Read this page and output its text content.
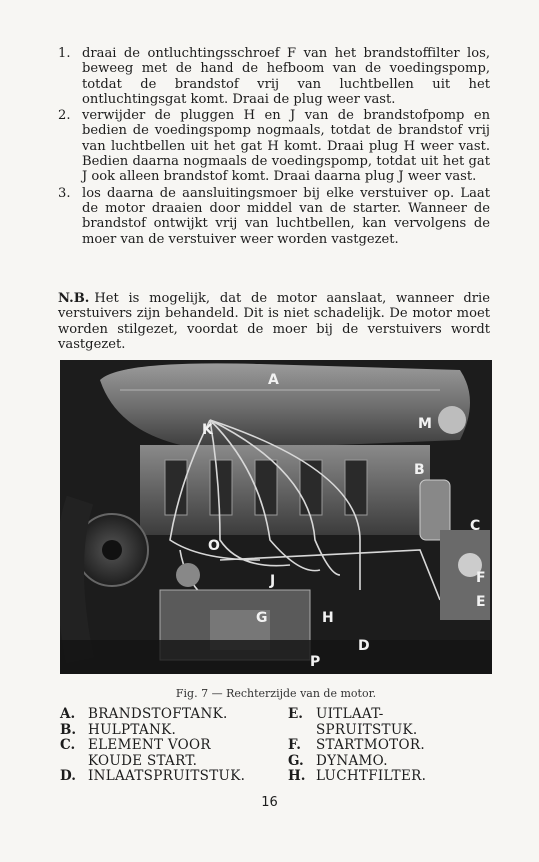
1. draai de ontluchtingsschroef F van het brandstoffilter los, beweeg met de hand de hefboom van de voedingspomp, totdat de brandstof vrij van luchtbellen uit het ontluchtingsgat komt. Draai de plug weer vast.
2. verwijder de pluggen H en J van de brandstofpomp en bedien de voedingspomp nogmaals, totdat de brandstof vrij van luchtbellen uit het gat H komt. Draai plug H weer vast. Bedien daarna nogmaals de voedingspomp, totdat uit het gat J ook alleen brandstof komt. Draai daarna plug J weer vast.
3. los daarna de aansluitingsmoer bij elke verstuiver op. Laat de motor draaien door middel van de starter. Wanneer de brandstof ontwijkt vrij van luchtbellen, kan vervolgens de moer van de verstuiver weer worden vastgezet.

N.B. Het is mogelijk, dat de motor aanslaat, wanneer drie verstuivers zijn behandeld. Dit is niet schadelijk. De motor moet worden stilgezet, voordat de moer bij de verstuivers wordt vastgezet.

A
K	M
B
C
O
J
G	H
F
E
P
D
Fig. 7 — Rechterzijde van de motor.
A. BRANDSTOFTANK.
B. HULPTANK.
C. ELEMENT VOOR
KOUDE START.
D. INLAATSPRUITSTUK.
E. UITLAAT-
SPRUITSTUK.
F.	STARTMOTOR.
G. DYNAMO.
H. LUCHTFILTER.
16
